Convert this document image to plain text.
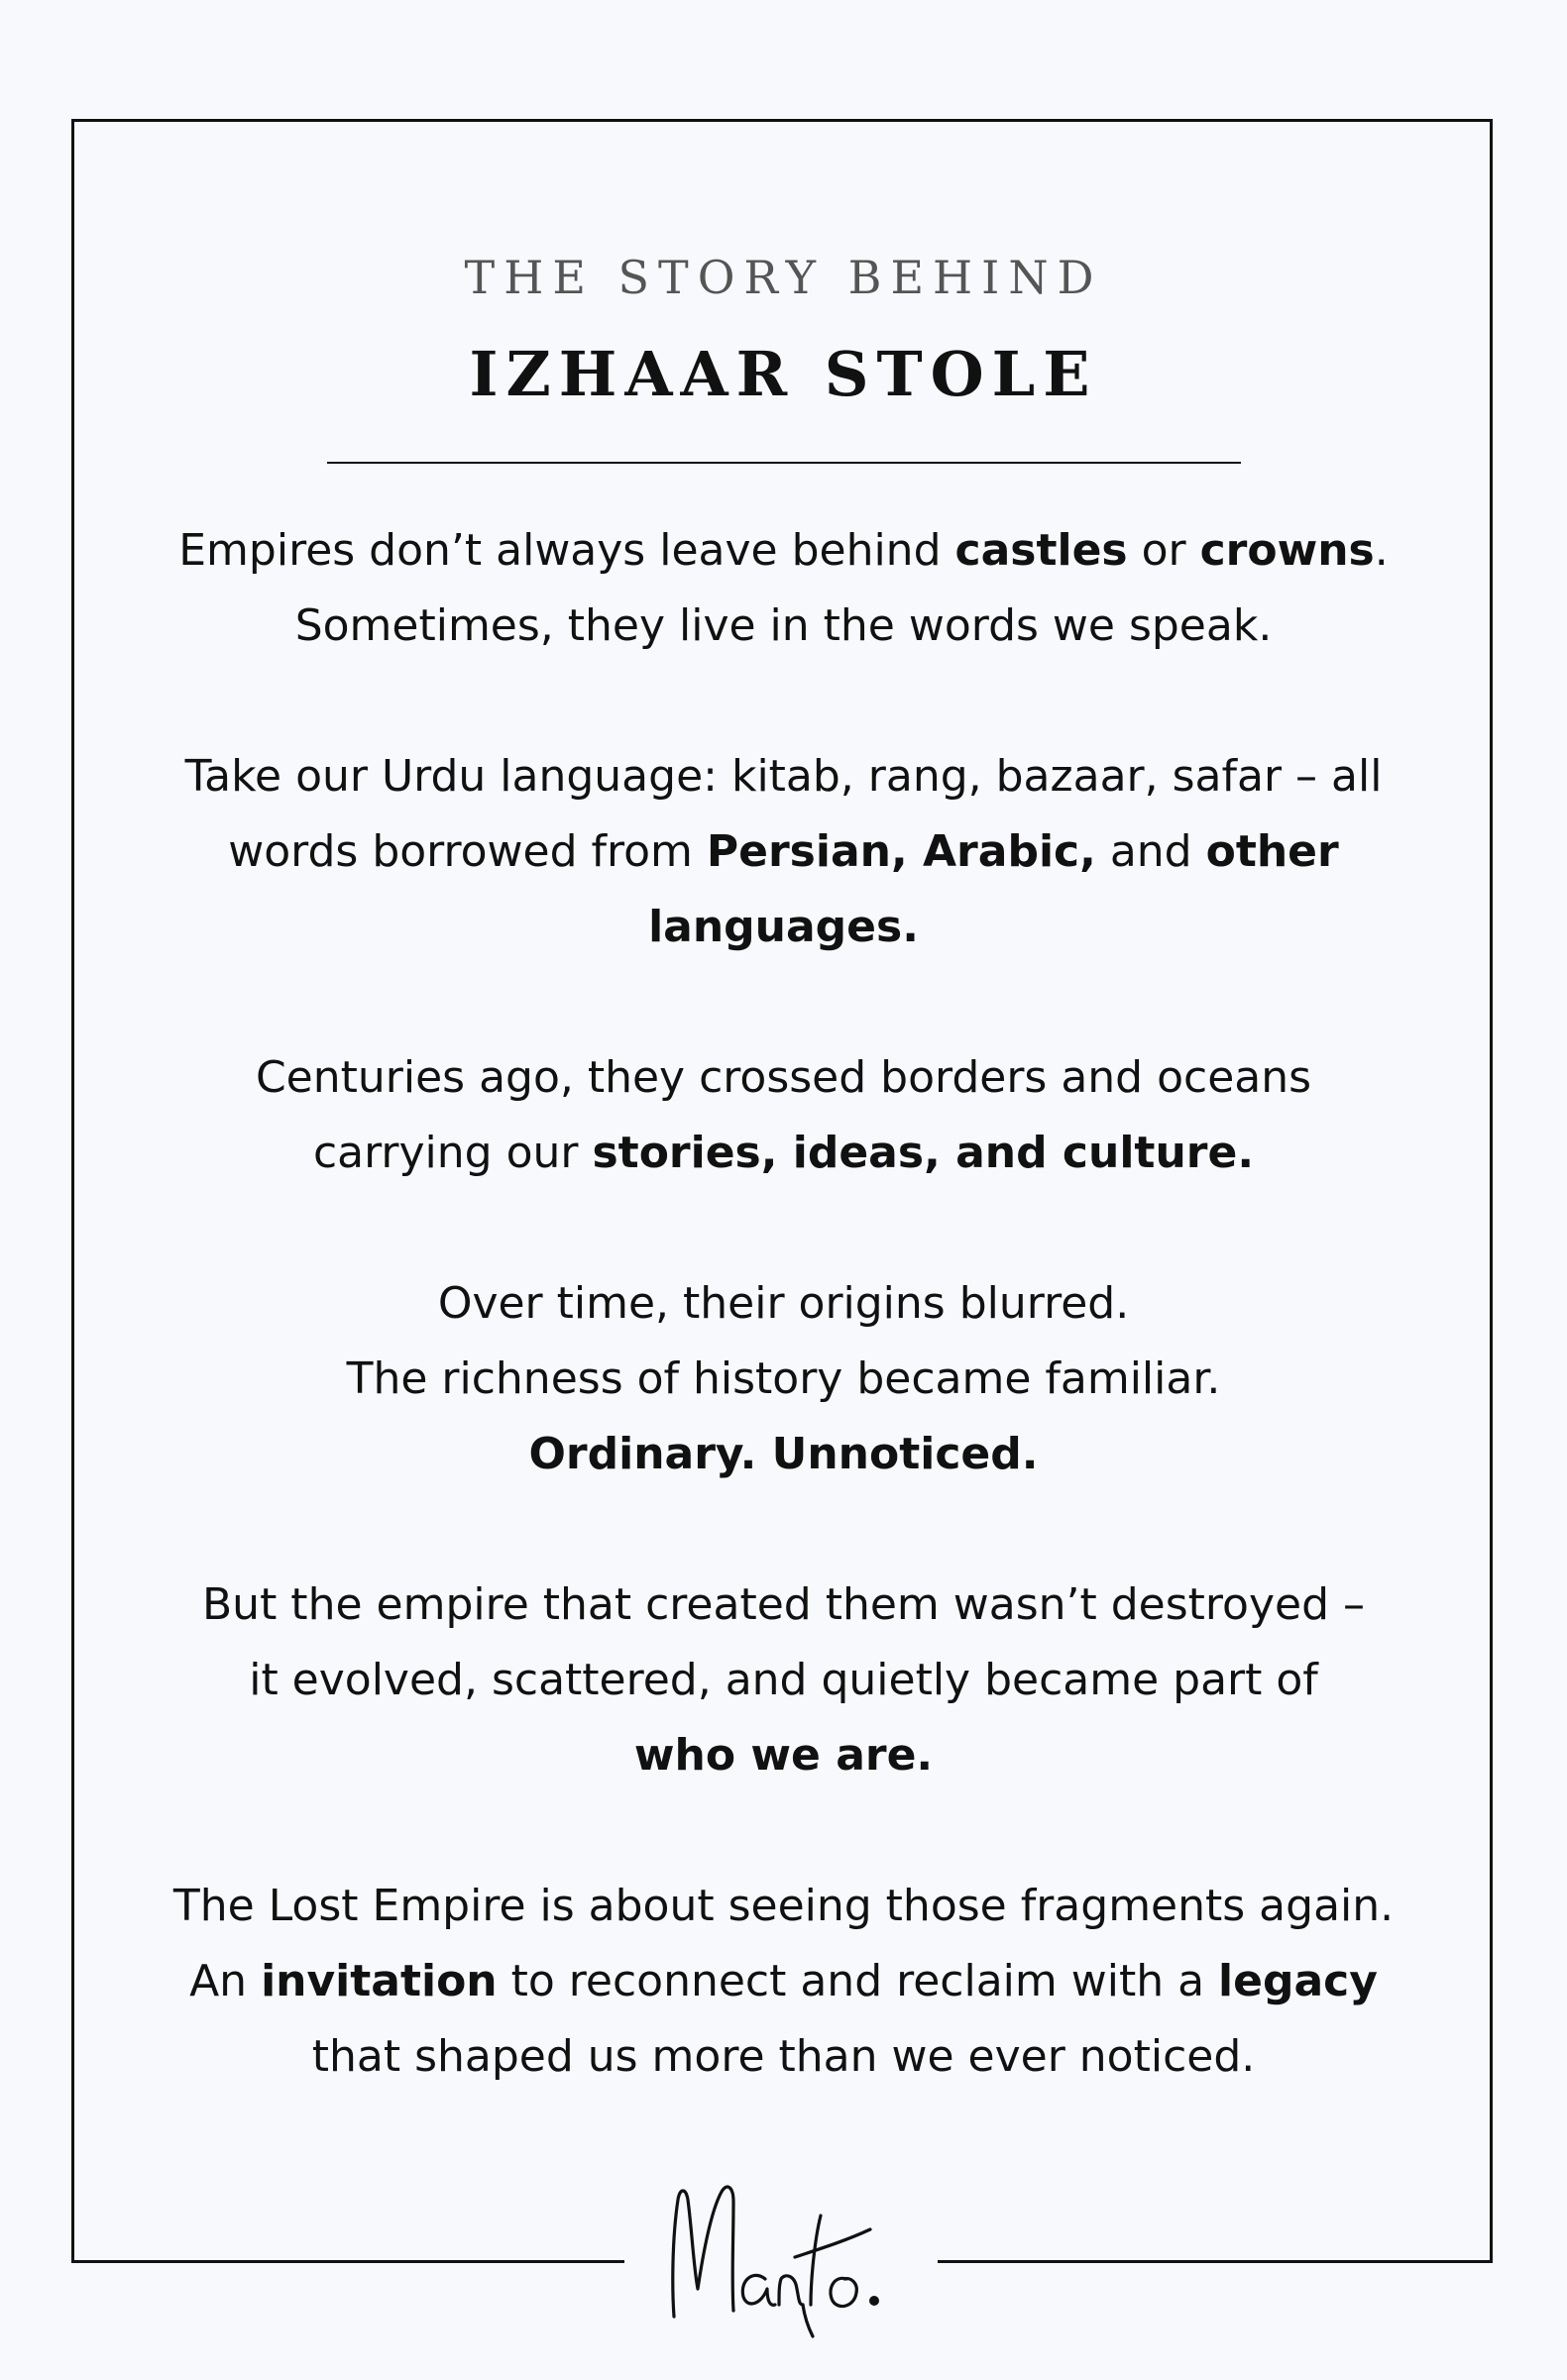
THE STORY BEHIND
IZHAAR STOLE

Empires don’t always leave behind castles or crowns.
Sometimes, they live in the words we speak.

Take our Urdu language: kitab, rang, bazaar, safar – all
words borrowed from Persian, Arabic, and other
languages.

Centuries ago, they crossed borders and oceans
carrying our stories, ideas, and culture.

Over time, their origins blurred.
The richness of history became familiar.
Ordinary. Unnoticed.

But the empire that created them wasn’t destroyed –
it evolved, scattered, and quietly became part of
who we are.

The Lost Empire is about seeing those fragments again.
An invitation to reconnect and reclaim with a legacy
that shaped us more than we ever noticed.
